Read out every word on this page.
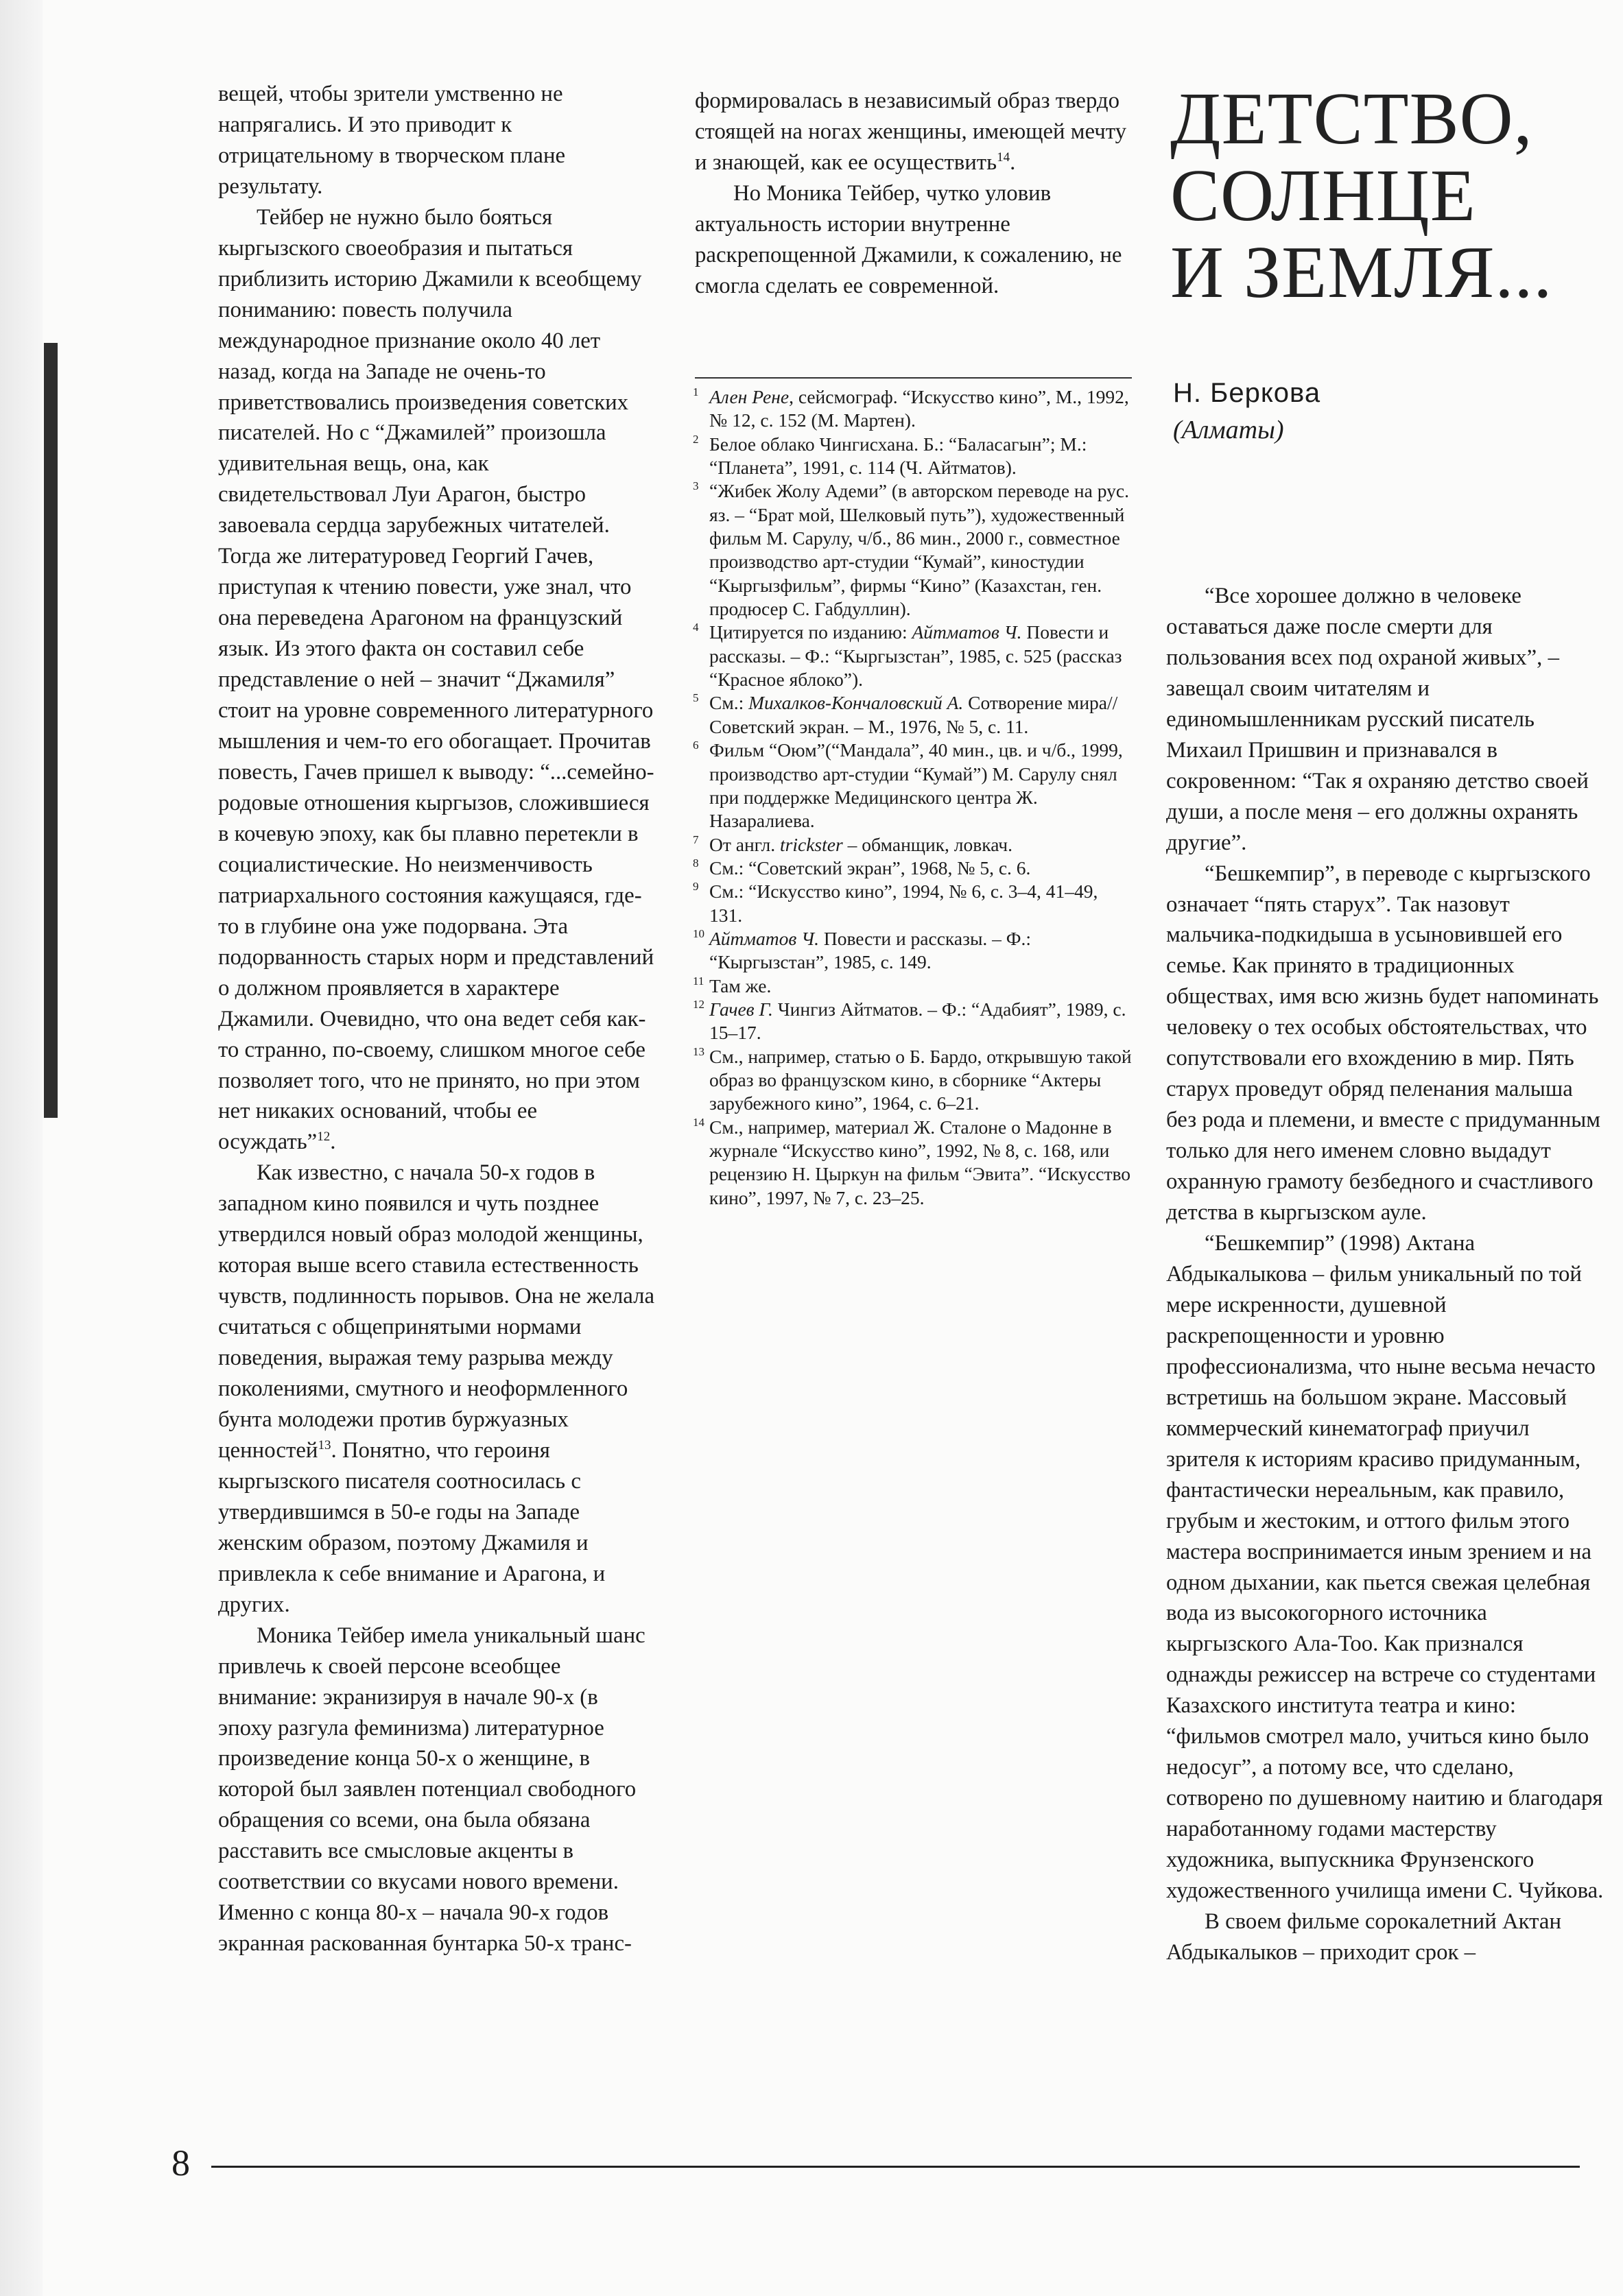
вещей, чтобы зрители умственно не напрягались. И это приводит к отрицательному в творческом плане результату.

Тейбер не нужно было бояться кыргызского своеобразия и пытаться приблизить историю Джамили к всеобщему пониманию: повесть получила международное признание около 40 лет назад, когда на Западе не очень-то приветствовались произведения советских писателей. Но с “Джамилей” произошла удивительная вещь, она, как свидетельствовал Луи Арагон, быстро завоевала сердца зарубежных читателей. Тогда же литературовед Георгий Гачев, приступая к чтению повести, уже знал, что она переведена Арагоном на французский язык. Из этого факта он составил себе представление о ней – значит “Джамиля” стоит на уровне современного литературного мышления и чем-то его обогащает. Прочитав повесть, Гачев пришел к выводу: “...семейно-родовые отношения кыргызов, сложившиеся в кочевую эпоху, как бы плавно перетекли в социалистические. Но неизменчивость патриархального состояния кажущаяся, где-то в глубине она уже подорвана. Эта подорванность старых норм и представлений о должном проявляется в характере Джамили. Очевидно, что она ведет себя как-то странно, по-своему, слишком многое себе позволяет того, что не принято, но при этом нет никаких оснований, чтобы ее осуждать”$^{12}$.

Как известно, с начала 50-х годов в западном кино появился и чуть позднее утвердился новый образ молодой женщины, которая выше всего ставила естественность чувств, подлинность порывов. Она не желала считаться с общепринятыми нормами поведения, выражая тему разрыва между поколениями, смутного и неоформленного бунта молодежи против буржуазных ценностей$^{13}$. Понятно, что героиня кыргызского писателя соотносилась с утвердившимся в 50-е годы на Западе женским образом, поэтому Джамиля и привлекла к себе внимание и Арагона, и других.

Моника Тейбер имела уникальный шанс привлечь к своей персоне всеобщее внимание: экранизируя в начале 90-х (в эпоху разгула феминизма) литературное произведение конца 50-х о женщине, в которой был заявлен потенциал свободного обращения со всеми, она была обязана расставить все смысловые акценты в соответствии со вкусами нового времени. Именно с конца 80-х – начала 90-х годов экранная раскованная бунтарка 50-х транс-

формировалась в независимый образ твердо стоящей на ногах женщины, имеющей мечту и знающей, как ее осуществить$^{14}$.

Но Моника Тейбер, чутко уловив актуальность истории внутренне раскрепощенной Джамили, к сожалению, не смогла сделать ее современной.

1 Ален Рене, сейсмограф. “Искусство кино”, М., 1992, № 12, с. 152 (М. Мартен).
2 Белое облако Чингисхана. Б.: “Баласагын”; М.: “Планета”, 1991, с. 114 (Ч. Айтматов).
3 “Жибек Жолу Адеми” (в авторском переводе на рус. яз. – “Брат мой, Шелковый путь”), художественный фильм М. Сарулу, ч/б., 86 мин., 2000 г., совместное производство арт-студии “Кумай”, киностудии “Кыргызфильм”, фирмы “Кино” (Казахстан, ген. продюсер С. Габдуллин).
4 Цитируется по изданию: Айтматов Ч. Повести и рассказы. – Ф.: “Кыргызстан”, 1985, с. 525 (рассказ “Красное яблоко”).
5 См.: Михалков-Кончаловский А. Сотворение мира// Советский экран. – М., 1976, № 5, с. 11.
6 Фильм “Оюм”(“Мандала”, 40 мин., цв. и ч/б., 1999, производство арт-студии “Кумай”) М. Сарулу снял при поддержке Медицинского центра Ж. Назаралиева.
7 От англ. trickster – обманщик, ловкач.
8 См.: “Советский экран”, 1968, № 5, с. 6.
9 См.: “Искусство кино”, 1994, № 6, с. 3–4, 41–49, 131.
10 Айтматов Ч. Повести и рассказы. – Ф.: “Кыргызстан”, 1985, с. 149.
11 Там же.
12 Гачев Г. Чингиз Айтматов. – Ф.: “Адабият”, 1989, с. 15–17.
13 См., например, статью о Б. Бардо, открывшую такой образ во французском кино, в сборнике “Актеры зарубежного кино”, 1964, с. 6–21.
14 См., например, материал Ж. Сталоне о Мадонне в журнале “Искусство кино”, 1992, № 8, с. 168, или рецензию Н. Цыркун на фильм “Эвита”. “Искусство кино”, 1997, № 7, с. 23–25.
ДЕТСТВО,
СОЛНЦЕ
И ЗЕМЛЯ...
Н. Беркова
(Алматы)

“Все хорошее должно в человеке оставаться даже после смерти для пользования всех под охраной живых”, – завещал своим читателям и единомышленникам русский писатель Михаил Пришвин и признавался в сокровенном: “Так я охраняю детство своей души, а после меня – его должны охранять другие”.

“Бешкемпир”, в переводе с кыргызского означает “пять старух”. Так назовут мальчика-подкидыша в усыновившей его семье. Как принято в традиционных обществах, имя всю жизнь будет напоминать человеку о тех особых обстоятельствах, что сопутствовали его вхождению в мир. Пять старух проведут обряд пеленания малыша без рода и племени, и вместе с придуманным только для него именем словно выдадут охранную грамоту безбедного и счастливого детства в кыргызском ауле.

“Бешкемпир” (1998) Актана Абдыкалыкова – фильм уникальный по той мере искренности, душевной раскрепощенности и уровню профессионализма, что ныне весьма нечасто встретишь на большом экране. Массовый коммерческий кинематограф приучил зрителя к историям красиво придуманным, фантастически нереальным, как правило, грубым и жестоким, и оттого фильм этого мастера воспринимается иным зрением и на одном дыхании, как пьется свежая целебная вода из высокогорного источника кыргызского Ала-Тоо. Как признался однажды режиссер на встрече со студентами Казахского института театра и кино: “фильмов смотрел мало, учиться кино было недосуг”, а потому все, что сделано, сотворено по душевному наитию и благодаря наработанному годами мастерству художника, выпускника Фрунзенского художественного училища имени С. Чуйкова.

В своем фильме сорокалетний Актан Абдыкалыков – приходит срок –

8
